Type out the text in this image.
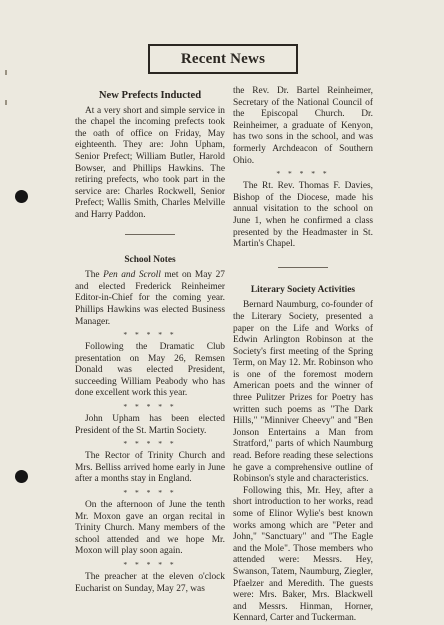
Recent News
New Prefects Inducted

At a very short and simple service in the chapel the incoming prefects took the oath of office on Friday, May eighteenth. They are: John Upham, Senior Prefect; William Butler, Harold Bowser, and Phillips Hawkins. The retiring prefects, who took part in the service are: Charles Rockwell, Senior Prefect; Wallis Smith, Charles Melville and Harry Paddon.

School Notes

The Pen and Scroll met on May 27 and elected Frederick Reinheimer Editor-in-Chief for the coming year. Phillips Hawkins was elected Business Manager.

* * * * *

Following the Dramatic Club presentation on May 26, Remsen Donald was elected President, succeeding William Peabody who has done excellent work this year.

* * * * *

John Upham has been elected President of the St. Martin Society.

* * * * *

The Rector of Trinity Church and Mrs. Belliss arrived home early in June after a months stay in England.

* * * * *

On the afternoon of June the tenth Mr. Moxon gave an organ recital in Trinity Church. Many members of the school attended and we hope Mr. Moxon will play soon again.

* * * * *

The preacher at the eleven o'clock Eucharist on Sunday, May 27, was

the Rev. Dr. Bartel Reinheimer, Secretary of the National Council of the Episcopal Church. Dr. Reinheimer, a graduate of Kenyon, has two sons in the school, and was formerly Archdeacon of Southern Ohio.

* * * * *

The Rt. Rev. Thomas F. Davies, Bishop of the Diocese, made his annual visitation to the school on June 1, when he confirmed a class presented by the Headmaster in St. Martin's Chapel.

Literary Society Activities

Bernard Naumburg, co-founder of the Literary Society, presented a paper on the Life and Works of Edwin Arlington Robinson at the Society's first meeting of the Spring Term, on May 12. Mr. Robinson who is one of the foremost modern American poets and the winner of three Pulitzer Prizes for Poetry has written such poems as "The Dark Hills," "Minniver Cheevy" and "Ben Jonson Entertains a Man from Stratford," parts of which Naumburg read. Before reading these selections he gave a comprehensive outline of Robinson's style and characteristics.

Following this, Mr. Hey, after a short introduction to her works, read some of Elinor Wylie's best known works among which are "Peter and John," "Sanctuary" and "The Eagle and the Mole". Those members who attended were: Messrs. Hey, Swanson, Tatem, Naumburg, Ziegler, Pfaelzer and Meredith. The guests were: Mrs. Baker, Mrs. Blackwell and Messrs. Hinman, Horner, Kennard, Carter and Tuckerman.
